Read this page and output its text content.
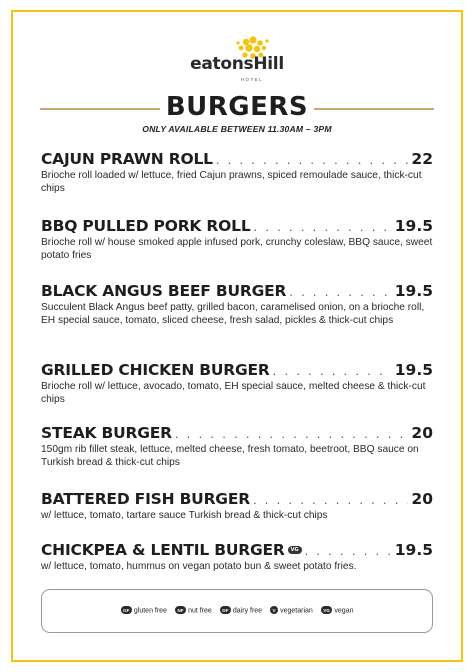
eatonsHill
HOTEL
BURGERS
ONLY AVAILABLE BETWEEN 11.30AM – 3PM
CAJUN PRAWN ROLL . . .	22
Brioche roll loaded w/ lettuce, fried Cajun prawns, spiced remoulade sauce, thick-cut chips
BBQ PULLED PORK ROLL . . .	19.5
Brioche roll w/ house smoked apple infused pork, crunchy coleslaw, BBQ sauce, sweet potato fries
BLACK ANGUS BEEF BURGER . . .	19.5
Succulent Black Angus beef patty, grilled bacon, caramelised onion, on a brioche roll, EH special sauce, tomato, sliced cheese, fresh salad, pickles & thick-cut chips
GRILLED CHICKEN BURGER . . .	19.5
Brioche roll w/ lettuce, avocado, tomato, EH special sauce, melted cheese & thick-cut chips
STEAK BURGER . . .	20
150gm rib fillet steak, lettuce, melted cheese, fresh tomato, beetroot, BBQ sauce on Turkish bread & thick-cut chips
BATTERED FISH BURGER . . .	20
w/ lettuce, tomato, tartare sauce Turkish bread & thick-cut chips
CHICKPEA & LENTIL BURGER	VG . . .	19.5
w/ lettuce, tomato, hummus on vegan potato bun & sweet potato fries.
GF gluten free NF nut free DF dairy free V vegetarian VG vegan
